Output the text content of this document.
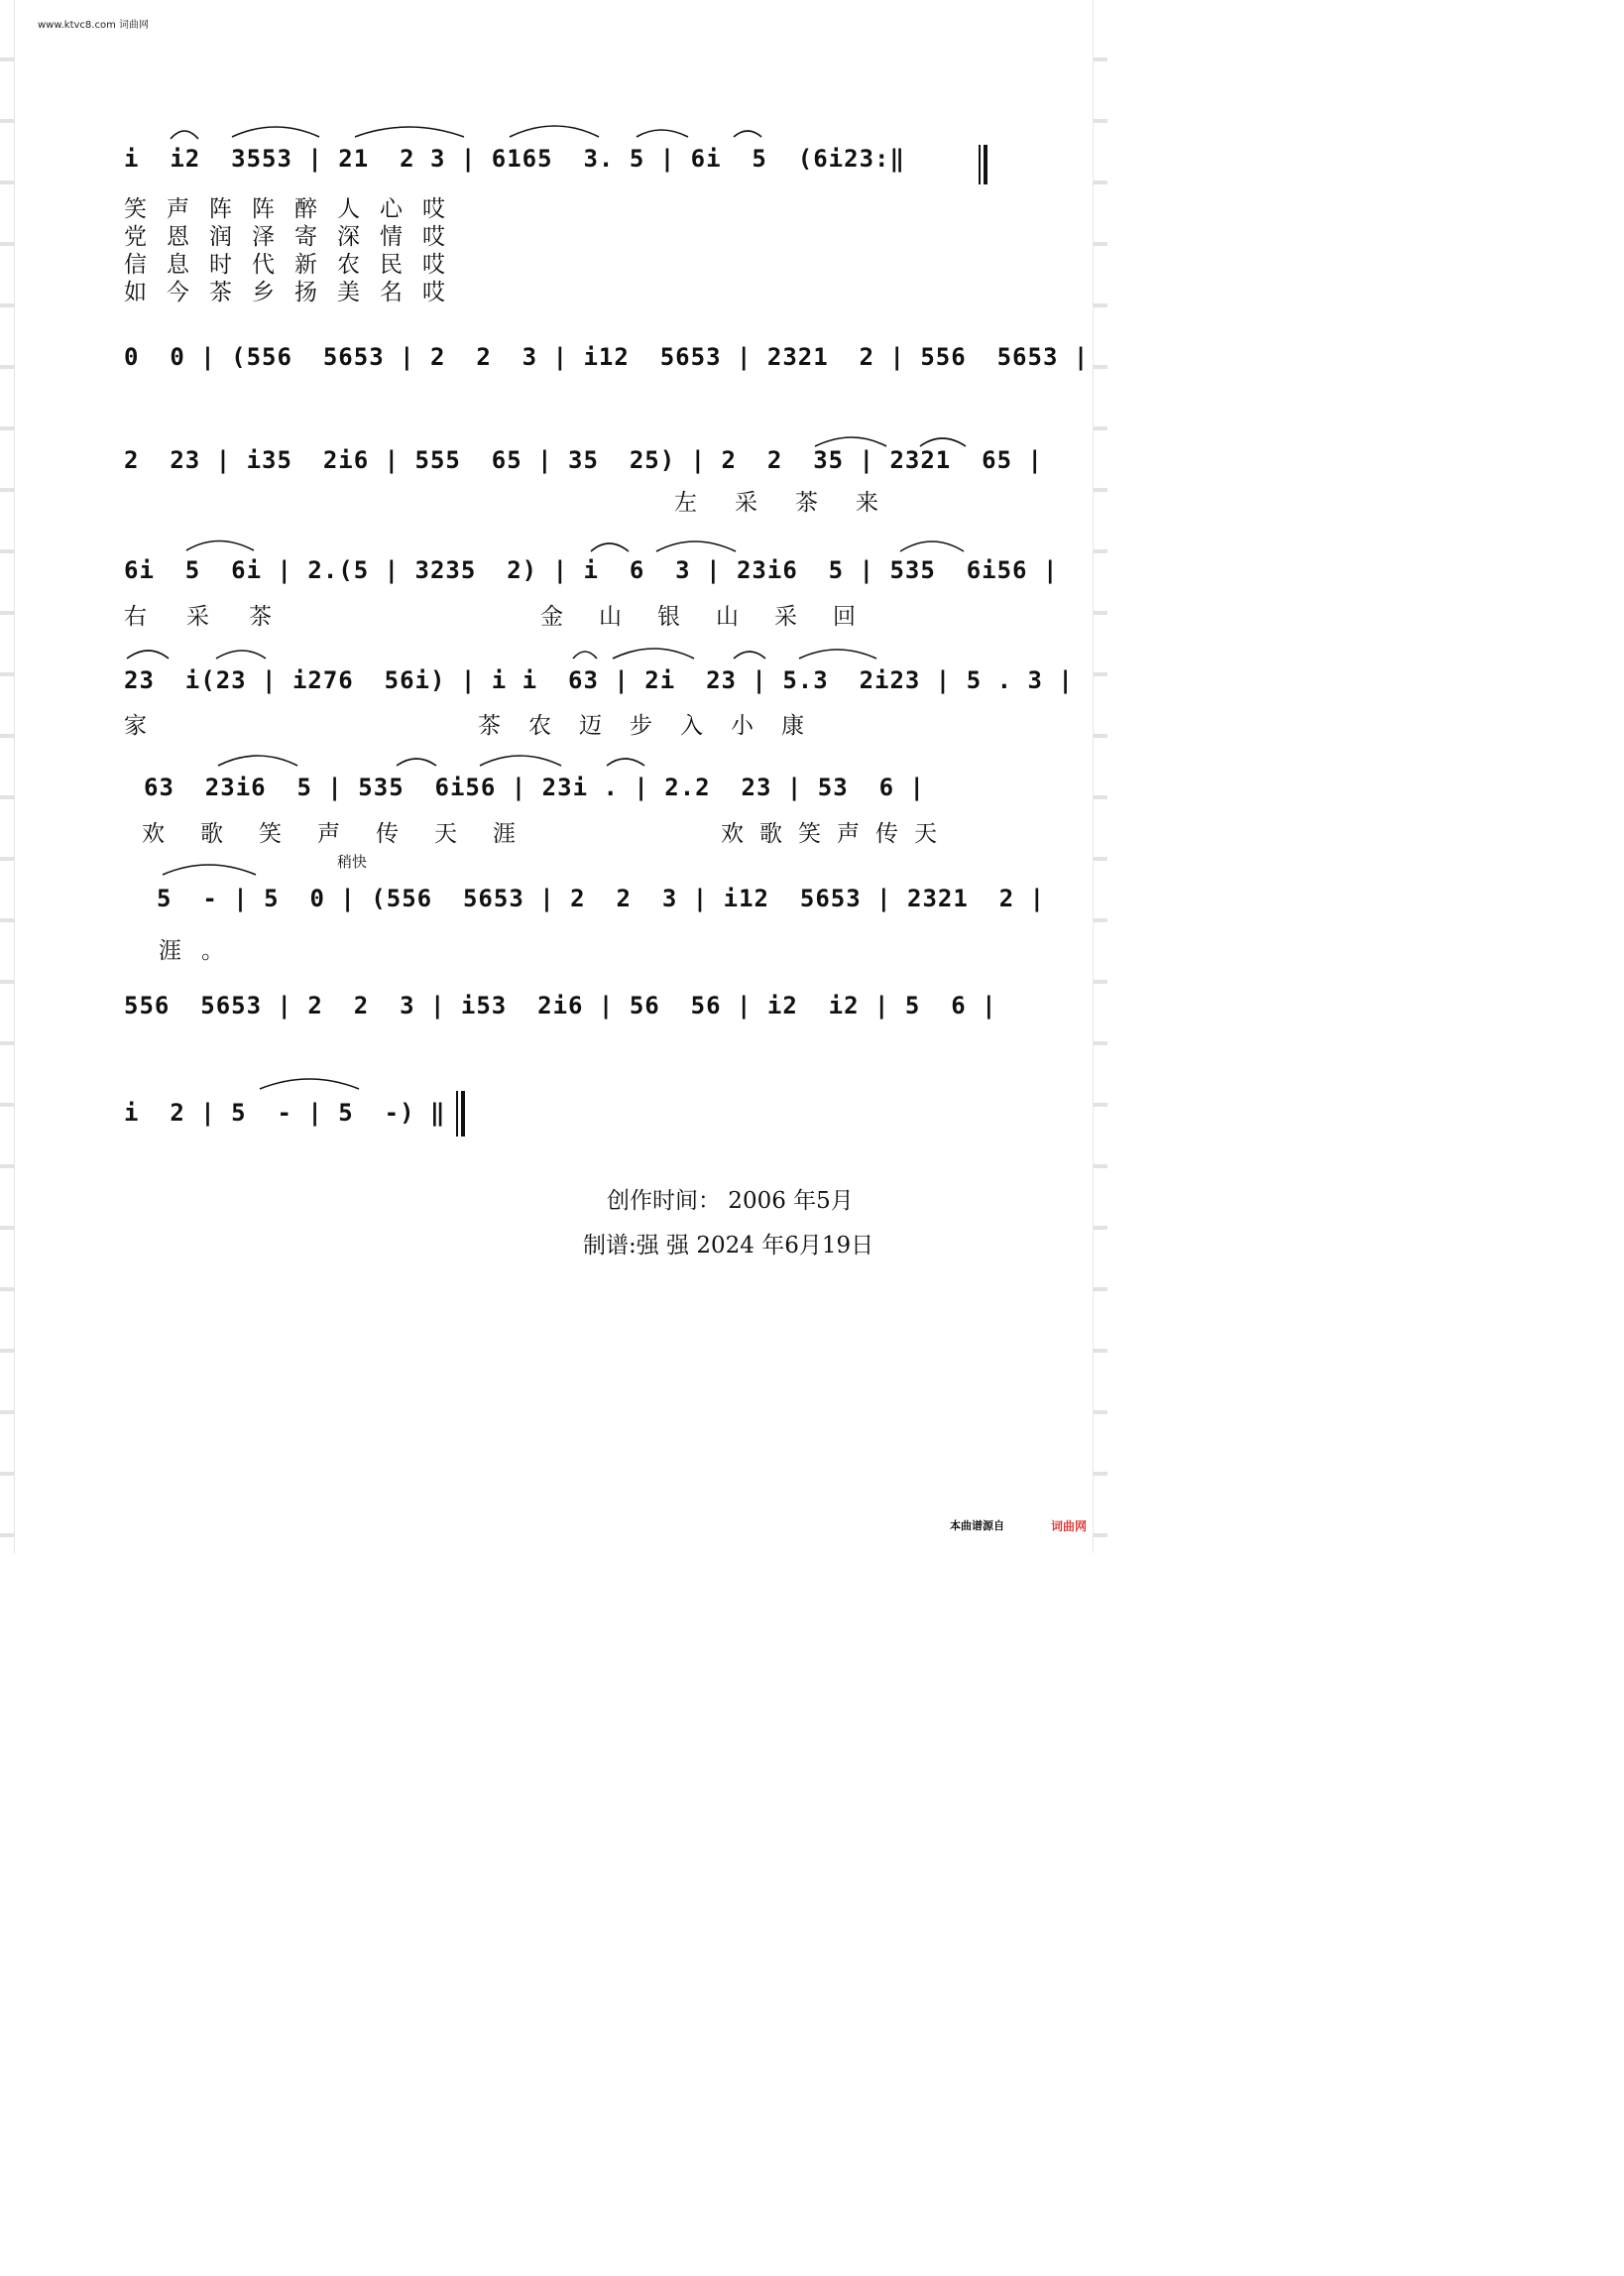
www.ktvc8.com 词曲网
i  i2  3553 | 21  2 3 | 6165  3. 5 | 6i  5  (6i23:‖
笑声阵阵醉人心哎
党恩润泽寄深情哎
信息时代新农民哎
如今茶乡扬美名哎
0  0 | (556  5653 | 2  2  3 | i12  5653 | 2321  2 | 556  5653 |
2  23 | i35  2i6 | 555  65 | 35  25) | 2  2  35 | 2321  65 |
左采茶来
6i  5  6i | 2.(5 | 3235  2) | i  6  3 | 23i6  5 | 535  6i56 |
右采茶	金山银山采回
23  i(23 | i276  56i) | i i  63 | 2i  23 | 5.3  2i23 | 5 . 3 |
家	茶农迈步入小康
63  23i6  5 | 535  6i56 | 23i . | 2.2  23 | 53  6 |
欢歌笑声传天涯	欢歌笑声传天
稍快
5  - | 5  0 | (556  5653 | 2  2  3 | i12  5653 | 2321  2 |
涯。
556  5653 | 2  2  3 | i53  2i6 | 56  56 | i2  i2 | 5  6 |
i  2 | 5  - | 5  -) ‖
创作时间： 2006 年5月
制谱:强 强 2024 年6月19日
本曲谱源自	词曲网
